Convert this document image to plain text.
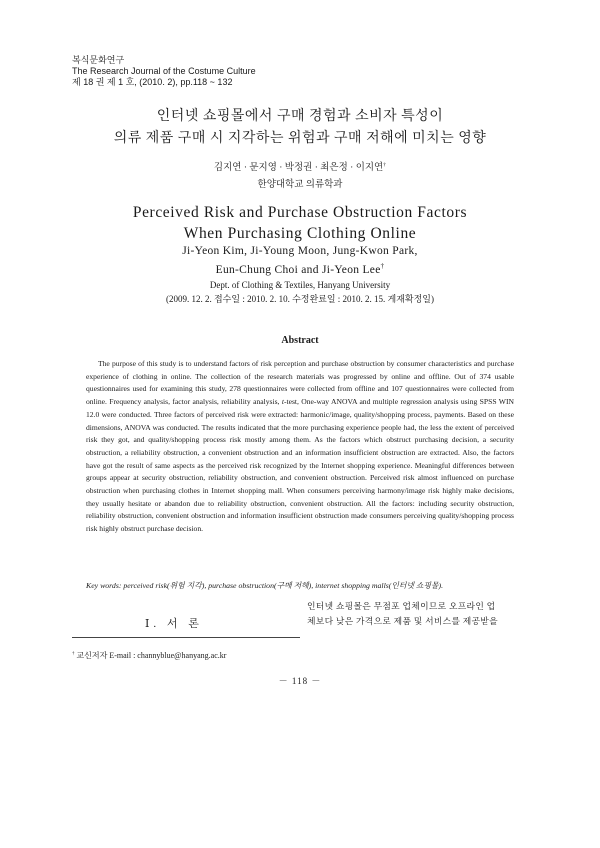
복식문화연구
The Research Journal of the Costume Culture
제 18 권 제 1 호, (2010. 2), pp.118 ~ 132
인터넷 쇼핑몰에서 구매 경험과 소비자 특성이
의류 제품 구매 시 지각하는 위험과 구매 저해에 미치는 영향
김지연 · 문지영 · 박정권 · 최은정 · 이지연†
한양대학교 의류학과
Perceived Risk and Purchase Obstruction Factors
When Purchasing Clothing Online
Ji-Yeon Kim, Ji-Young Moon, Jung-Kwon Park,
Eun-Chung Choi and Ji-Yeon Lee†
Dept. of Clothing & Textiles, Hanyang University
(2009. 12. 2. 접수일 : 2010. 2. 10. 수정완료일 : 2010. 2. 15. 게재확정일)
Abstract
The purpose of this study is to understand factors of risk perception and purchase obstruction by consumer characteristics and purchase experience of clothing in online. The collection of the research materials was progressed by online and offline. Out of 374 usable questionnaires used for examining this study, 278 questionnaires were collected from offline and 107 questionnaires were collected from online. Frequency analysis, factor analysis, reliability analysis, t-test, One-way ANOVA and multiple regression analysis using SPSS WIN 12.0 were conducted. Three factors of perceived risk were extracted: harmonic/image, quality/shopping process, payments. Based on these dimensions, ANOVA was conducted. The results indicated that the more purchasing experience people had, the less the extent of perceived risk they got, and quality/shopping process risk mostly among them. As the factors which obstruct purchasing decision, a security obstruction, a reliability obstruction, a convenient obstruction and an information insufficient obstruction are extracted. Also, the factors have got the result of same aspects as the perceived risk recognized by the Internet shopping experience. Meaningful differences between groups appear at security obstruction, reliability obstruction, and convenient obstruction. Perceived risk almost influenced on purchase obstruction when purchasing clothes in Internet shopping mall. When consumers perceiving harmony/image risk highly make decisions, they usually hesitate or abandon due to reliability obstruction, convenient obstruction. All the factors: including security obstruction, reliability obstruction, convenient obstruction and information insufficient obstruction made consumers perceiving quality/shopping process risk highly obstruct purchase decision.
Key words: perceived risk(위험 지각), purchase obstruction(구매 저해), internet shopping malls(인터넷 쇼핑몰).
인터넷 쇼핑몰은 무점포 업체이므로 오프라인 업
체보다 낮은 가격으로 제품 및 서비스를 제공받을
Ⅰ. 서 론
† 교신저자 E-mail : channyblue@hanyang.ac.kr
－ 118 －
